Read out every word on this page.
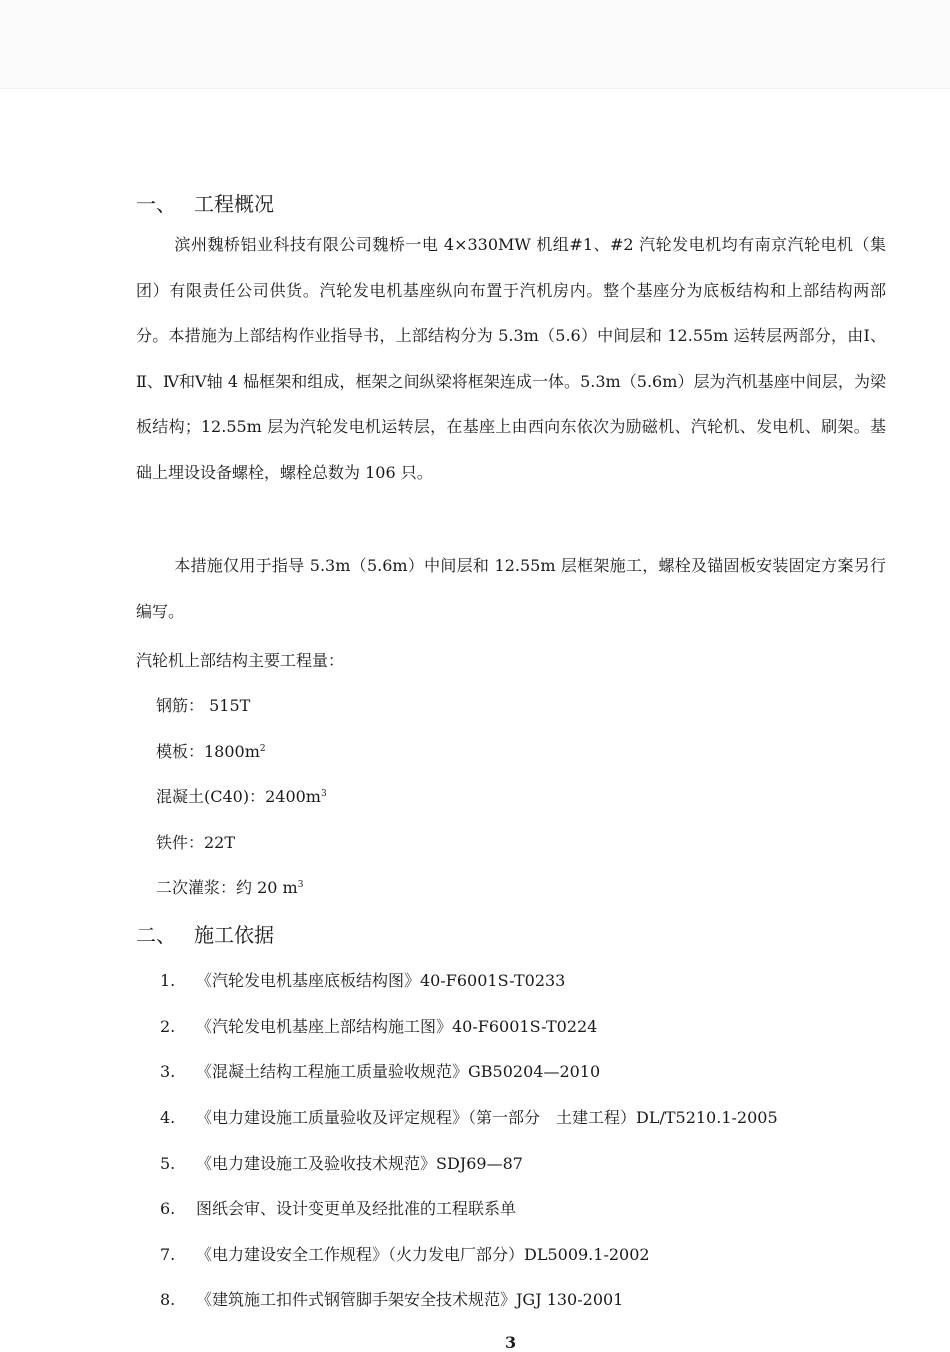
一、 工程概况

滨州魏桥铝业科技有限公司魏桥一电 4×330MW 机组#1、#2 汽轮发电机均有南京汽轮电机（集团）有限责任公司供货。汽轮发电机基座纵向布置于汽机房内。整个基座分为底板结构和上部结构两部分。本措施为上部结构作业指导书，上部结构分为 5.3m（5.6）中间层和 12.55m 运转层两部分，由Ⅰ、Ⅱ、Ⅳ和Ⅴ轴 4 榀框架和组成，框架之间纵梁将框架连成一体。5.3m（5.6m）层为汽机基座中间层，为梁板结构；12.55m 层为汽轮发电机运转层，在基座上由西向东依次为励磁机、汽轮机、发电机、刷架。基础上埋设设备螺栓，螺栓总数为 106 只。

本措施仅用于指导 5.3m（5.6m）中间层和 12.55m 层框架施工，螺栓及锚固板安装固定方案另行编写。

汽轮机上部结构主要工程量：
钢筋： 515T
模板：$1800m^2$
混凝土(C40)：$2400m^3$
铁件：22T
二次灌浆：约 20 $m^3$
二、 施工依据
1. 《汽轮发电机基座底板结构图》40-F6001S-T0233
2. 《汽轮发电机基座上部结构施工图》40-F6001S-T0224
3. 《混凝土结构工程施工质量验收规范》GB50204—2010
4. 《电力建设施工质量验收及评定规程》（第一部分　土建工程）DL/T5210.1-2005
5. 《电力建设施工及验收技术规范》SDJ69—87
6. 图纸会审、设计变更单及经批准的工程联系单
7. 《电力建设安全工作规程》（火力发电厂部分）DL5009.1-2002
8. 《建筑施工扣件式钢管脚手架安全技术规范》JGJ 130-2001
3
